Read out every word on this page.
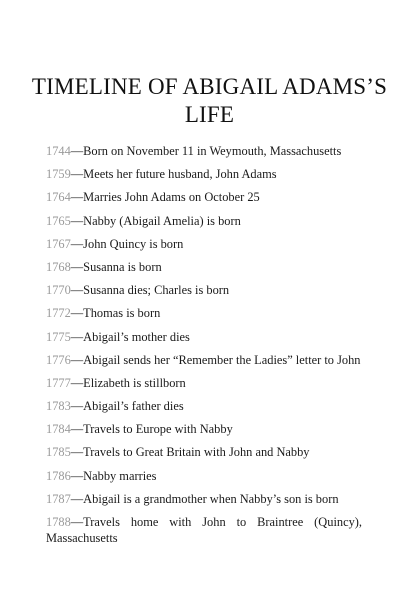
TIMELINE OF ABIGAIL ADAMS’S LIFE
1744—Born on November 11 in Weymouth, Massachusetts
1759—Meets her future husband, John Adams
1764—Marries John Adams on October 25
1765—Nabby (Abigail Amelia) is born
1767—John Quincy is born
1768—Susanna is born
1770—Susanna dies; Charles is born
1772—Thomas is born
1775—Abigail’s mother dies
1776—Abigail sends her “Remember the Ladies” letter to John
1777—Elizabeth is stillborn
1783—Abigail’s father dies
1784—Travels to Europe with Nabby
1785—Travels to Great Britain with John and Nabby
1786—Nabby marries
1787—Abigail is a grandmother when Nabby’s son is born
1788—Travels home with John to Braintree (Quincy),
Massachusetts
